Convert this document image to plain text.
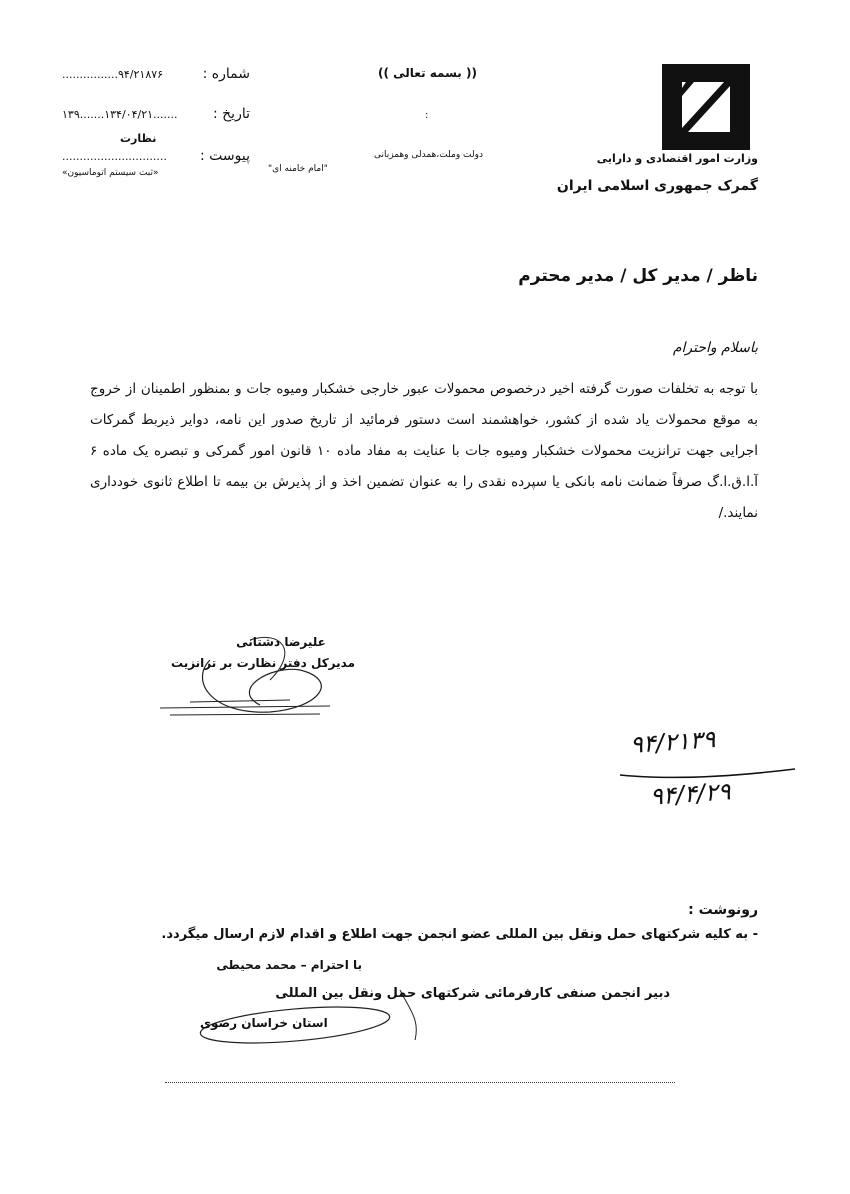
وزارت امور اقتصادی و دارایی
گمرک جمهوری اسلامی ایران
(( بسمه تعالی ))
:
دولت وملت،همدلی وهمزبانی
"امام خامنه ای"
شماره :
................٩۴/٢١٨٧۶
تاریخ :
١٣.......١٣٩۴/٠۴/٢١.......
نظارت
پیوست :
..............................
«ثبت سیستم اتوماسیون»
ناظر / مدیر کل / مدیر محترم
باسلام واحترام
با توجه به تخلفات صورت گرفته اخیر درخصوص محمولات عبور خارجی خشکبار ومیوه جات و بمنظور اطمینان از خروج به موقع محمولات یاد شده از کشور، خواهشمند است دستور فرمائید از تاریخ صدور این نامه، دوایر ذیربط گمرکات اجرایی جهت ترانزیت محمولات خشکبار ومیوه جات با عنایت به مفاد ماده ١٠ قانون امور گمرکی و تبصره یک ماده ۶ آ.ا.ق.ا.گ صرفاً ضمانت نامه بانکی یا سپرده نقدی را به عنوان تضمین اخذ و از پذیرش بن بیمه تا اطلاع ثانوی خودداری نمایند./
علیرضا دشتانی
مدیرکل دفتر نظارت بر ترانزیت
٩۴/٢١٣٩
٩۴/۴/٢٩
رونوشت :
- به کلیه شرکتهای حمل ونقل بین المللی عضو انجمن جهت اطلاع و اقدام لازم ارسال میگردد.
با احترام – محمد محیطی
دبیر انجمن صنفی کارفرمائی شرکتهای حمل ونقل بین المللی
استان خراسان رضوی
